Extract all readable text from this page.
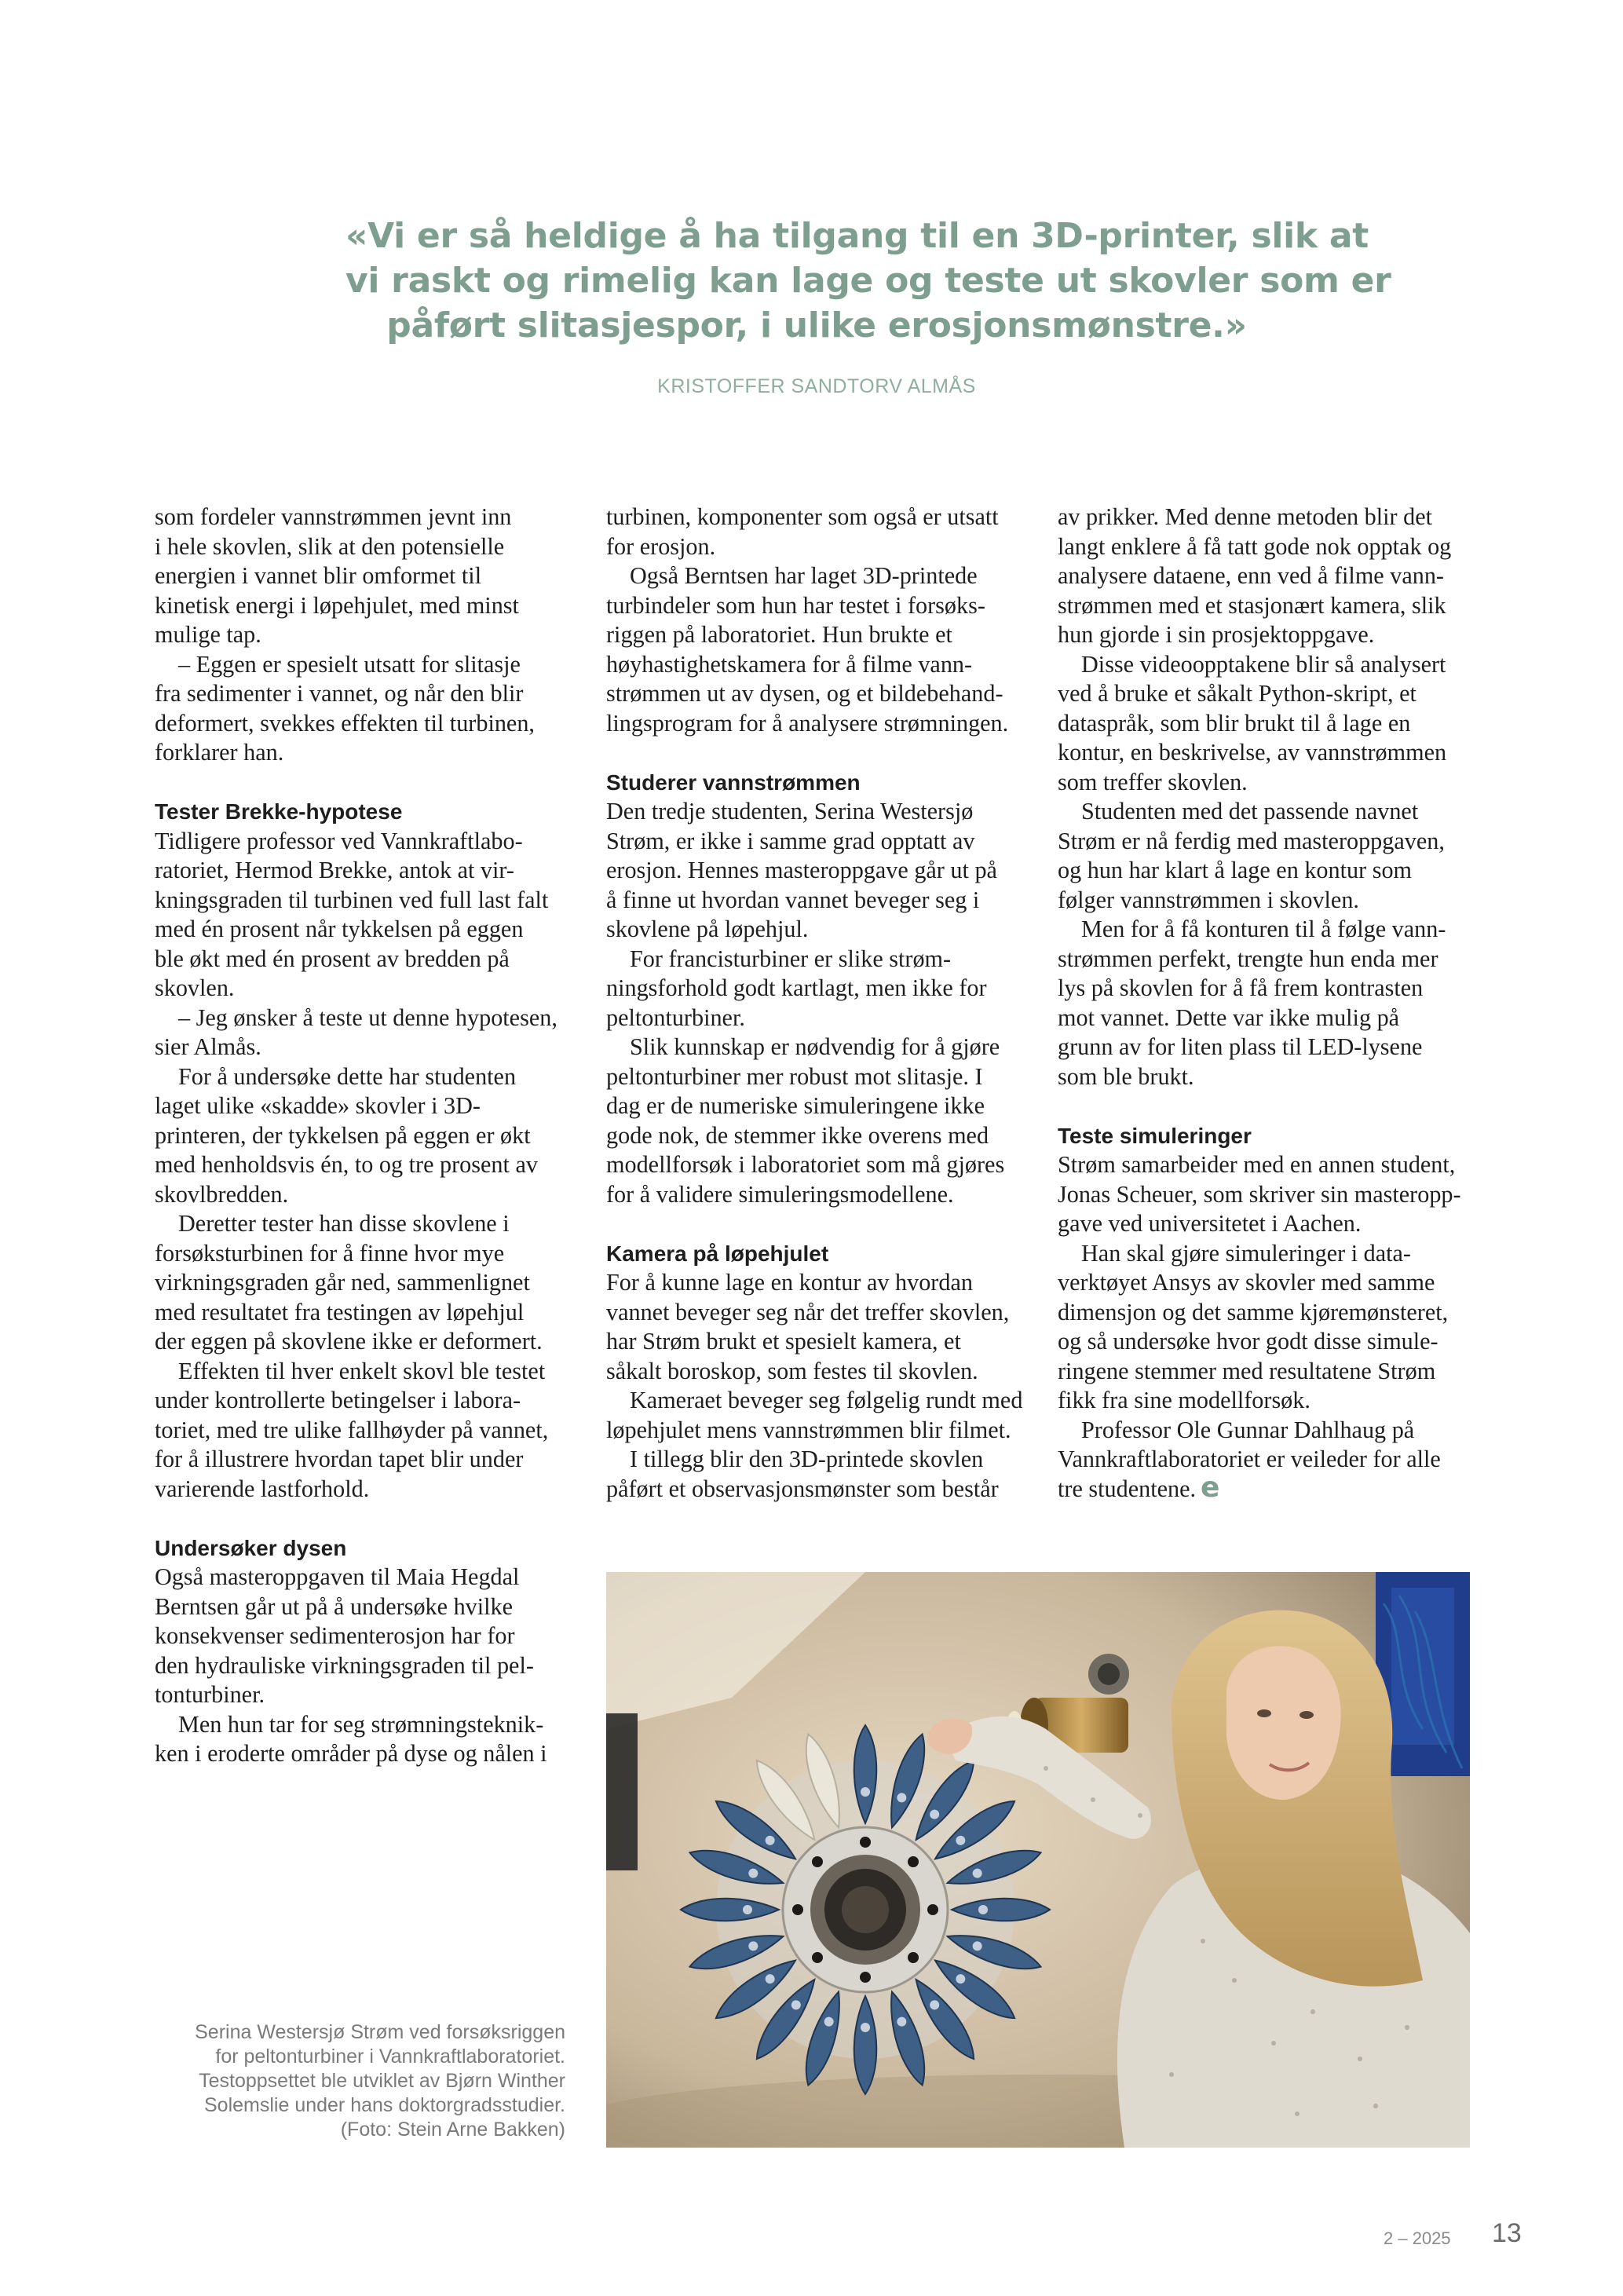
«Vi er så heldige å ha tilgang til en 3D-printer, slik at
vi raskt og rimelig kan lage og teste ut skovler som er
påført slitasjespor, i ulike erosjonsmønstre.»
KRISTOFFER SANDTORV ALMÅS

som fordeler vannstrømmen jevnt inn

i hele skovlen, slik at den potensielle

energien i vannet blir omformet til

kinetisk energi i løpehjulet, med minst

mulige tap.

– Eggen er spesielt utsatt for slitasje

fra sedimenter i vannet, og når den blir

deformert, svekkes effekten til turbinen,

forklarer han.

Tester Brekke-hypotese

Tidligere professor ved Vannkraftlabo-

ratoriet, Hermod Brekke, antok at vir-

kningsgraden til turbinen ved full last falt

med én prosent når tykkelsen på eggen

ble økt med én prosent av bredden på

skovlen.

– Jeg ønsker å teste ut denne hypotesen,

sier Almås.

For å undersøke dette har studenten

laget ulike «skadde» skovler i 3D-

printeren, der tykkelsen på eggen er økt

med henholdsvis én, to og tre prosent av

skovlbredden.

Deretter tester han disse skovlene i

forsøksturbinen for å finne hvor mye

virkningsgraden går ned, sammenlignet

med resultatet fra testingen av løpehjul

der eggen på skovlene ikke er deformert.

Effekten til hver enkelt skovl ble testet

under kontrollerte betingelser i labora-

toriet, med tre ulike fallhøyder på vannet,

for å illustrere hvordan tapet blir under

varierende lastforhold.

Undersøker dysen

Også masteroppgaven til Maia Hegdal

Berntsen går ut på å undersøke hvilke

konsekvenser sedimenterosjon har for

den hydrauliske virkningsgraden til pel-

tonturbiner.

Men hun tar for seg strømningsteknik-

ken i eroderte områder på dyse og nålen i

turbinen, komponenter som også er utsatt

for erosjon.

Også Berntsen har laget 3D-printede

turbindeler som hun har testet i forsøks-

riggen på laboratoriet. Hun brukte et

høyhastighetskamera for å filme vann-

strømmen ut av dysen, og et bildebehand-

lingsprogram for å analysere strømningen.

Studerer vannstrømmen

Den tredje studenten, Serina Westersjø

Strøm, er ikke i samme grad opptatt av

erosjon. Hennes masteroppgave går ut på

å finne ut hvordan vannet beveger seg i

skovlene på løpehjul.

For francisturbiner er slike strøm-

ningsforhold godt kartlagt, men ikke for

peltonturbiner.

Slik kunnskap er nødvendig for å gjøre

peltonturbiner mer robust mot slitasje. I

dag er de numeriske simuleringene ikke

gode nok, de stemmer ikke overens med

modellforsøk i laboratoriet som må gjøres

for å validere simuleringsmodellene.

Kamera på løpehjulet

For å kunne lage en kontur av hvordan

vannet beveger seg når det treffer skovlen,

har Strøm brukt et spesielt kamera, et

såkalt boroskop, som festes til skovlen.

Kameraet beveger seg følgelig rundt med

løpehjulet mens vannstrømmen blir filmet.

I tillegg blir den 3D-printede skovlen

påført et observasjonsmønster som består

av prikker. Med denne metoden blir det

langt enklere å få tatt gode nok opptak og

analysere dataene, enn ved å filme vann-

strømmen med et stasjonært kamera, slik

hun gjorde i sin prosjektoppgave.

Disse videoopptakene blir så analysert

ved å bruke et såkalt Python-skript, et

dataspråk, som blir brukt til å lage en

kontur, en beskrivelse, av vannstrømmen

som treffer skovlen.

Studenten med det passende navnet

Strøm er nå ferdig med masteroppgaven,

og hun har klart å lage en kontur som

følger vannstrømmen i skovlen.

Men for å få konturen til å følge vann-

strømmen perfekt, trengte hun enda mer

lys på skovlen for å få frem kontrasten

mot vannet. Dette var ikke mulig på

grunn av for liten plass til LED-lysene

som ble brukt.

Teste simuleringer

Strøm samarbeider med en annen student,

Jonas Scheuer, som skriver sin masteropp-

gave ved universitetet i Aachen.

Han skal gjøre simuleringer i data-

verktøyet Ansys av skovler med samme

dimensjon og det samme kjøremønsteret,

og så undersøke hvor godt disse simule-

ringene stemmer med resultatene Strøm

fikk fra sine modellforsøk.

Professor Ole Gunnar Dahlhaug på

Vannkraftlaboratoriet er veileder for alle

tre studentene. e

Serina Westersjø Strøm ved forsøksriggen
for peltonturbiner i Vannkraftlaboratoriet.
Testoppsettet ble utviklet av Bjørn Winther
Solemslie under hans doktorgradsstudier.
(Foto: Stein Arne Bakken)
2 – 2025 13
